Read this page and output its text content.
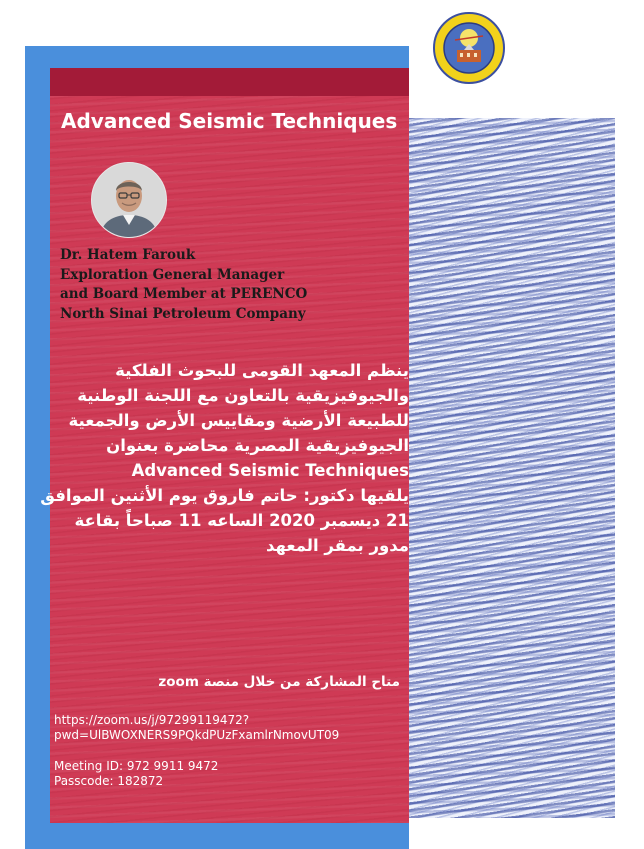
Advanced Seismic Techniques
Dr. Hatem Farouk
Exploration General Manager
and Board Member at PERENCO
North Sinai Petroleum Company
ينظم المعهد القومى للبحوث الفلكية
والجيوفيزيقية بالتعاون مع اللجنة الوطنية
للطبيعة الأرضية ومقاييس الأرض والجمعية
الجيوفيزيقية المصرية محاضرة بعنوان
Advanced Seismic Techniques
يلقيها دكتور: حاتم فاروق يوم الأثنين الموافق
21 ديسمبر 2020 الساعه 11 صباحاً بقاعة
مدور بمقر المعهد
متاح المشاركة من خلال منصة zoom
https://zoom.us/j/97299119472?
pwd=UlBWOXNERS9PQkdPUzFxamlrNmovUT09
Meeting ID: 972 9911 9472
Passcode: 182872
